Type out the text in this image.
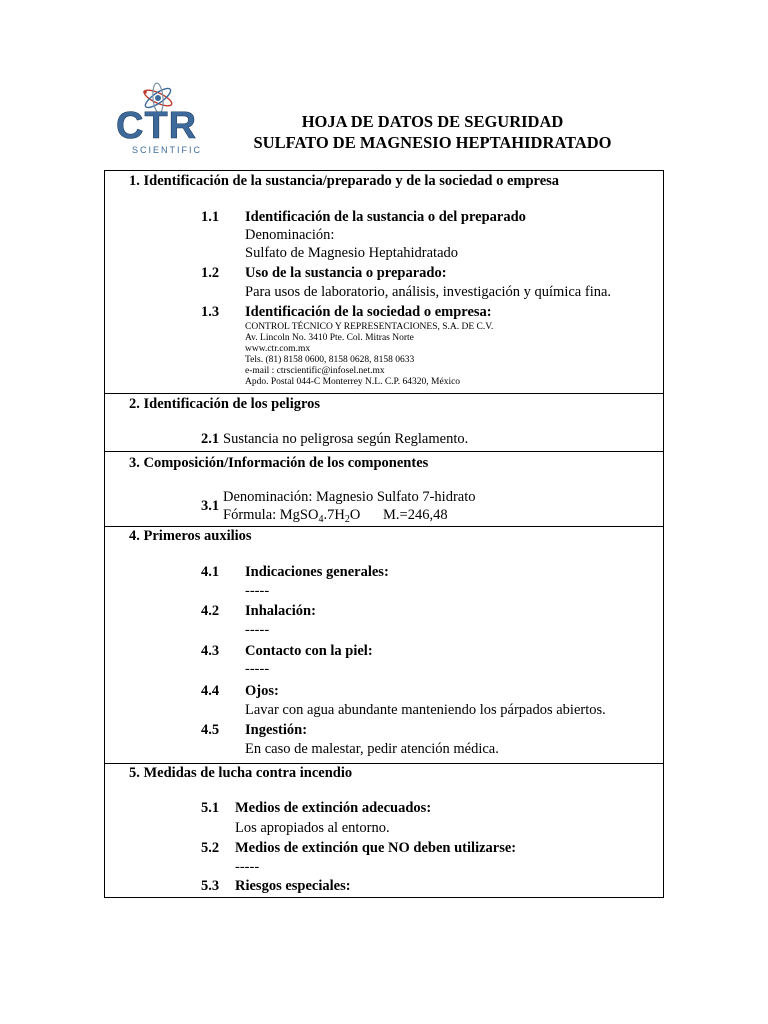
CTR
SCIENTIFIC
HOJA DE DATOS DE SEGURIDAD
SULFATO DE MAGNESIO HEPTAHIDRATADO
1. Identificación de la sustancia/preparado y de la sociedad o empresa
1.1 Identificación de la sustancia o del preparado
Denominación:
Sulfato de Magnesio Heptahidratado
1.2 Uso de la sustancia o preparado:
Para usos de laboratorio, análisis, investigación y química fina.
1.3 Identificación de la sociedad o empresa:
CONTROL TÉCNICO Y REPRESENTACIONES, S.A. DE C.V.
Av. Lincoln No. 3410 Pte. Col. Mitras Norte
www.ctr.com.mx
Tels. (81) 8158 0600, 8158 0628, 8158 0633
e-mail : ctrscientific@infosel.net.mx
Apdo. Postal 044-C Monterrey N.L. C.P. 64320, México
2. Identificación de los peligros
2.1 Sustancia no peligrosa según Reglamento.
3. Composición/Información de los componentes
3.1
Denominación: Magnesio Sulfato 7-hidrato
Fórmula: $MgSO_4.7H_2O$ M.=246,48
4. Primeros auxilios
4.1 Indicaciones generales:
-----
4.2 Inhalación:
-----
4.3 Contacto con la piel:
-----
4.4 Ojos:
Lavar con agua abundante manteniendo los párpados abiertos.
4.5 Ingestión:
En caso de malestar, pedir atención médica.
5. Medidas de lucha contra incendio
5.1 Medios de extinción adecuados:
Los apropiados al entorno.
5.2 Medios de extinción que NO deben utilizarse:
-----
5.3 Riesgos especiales:
